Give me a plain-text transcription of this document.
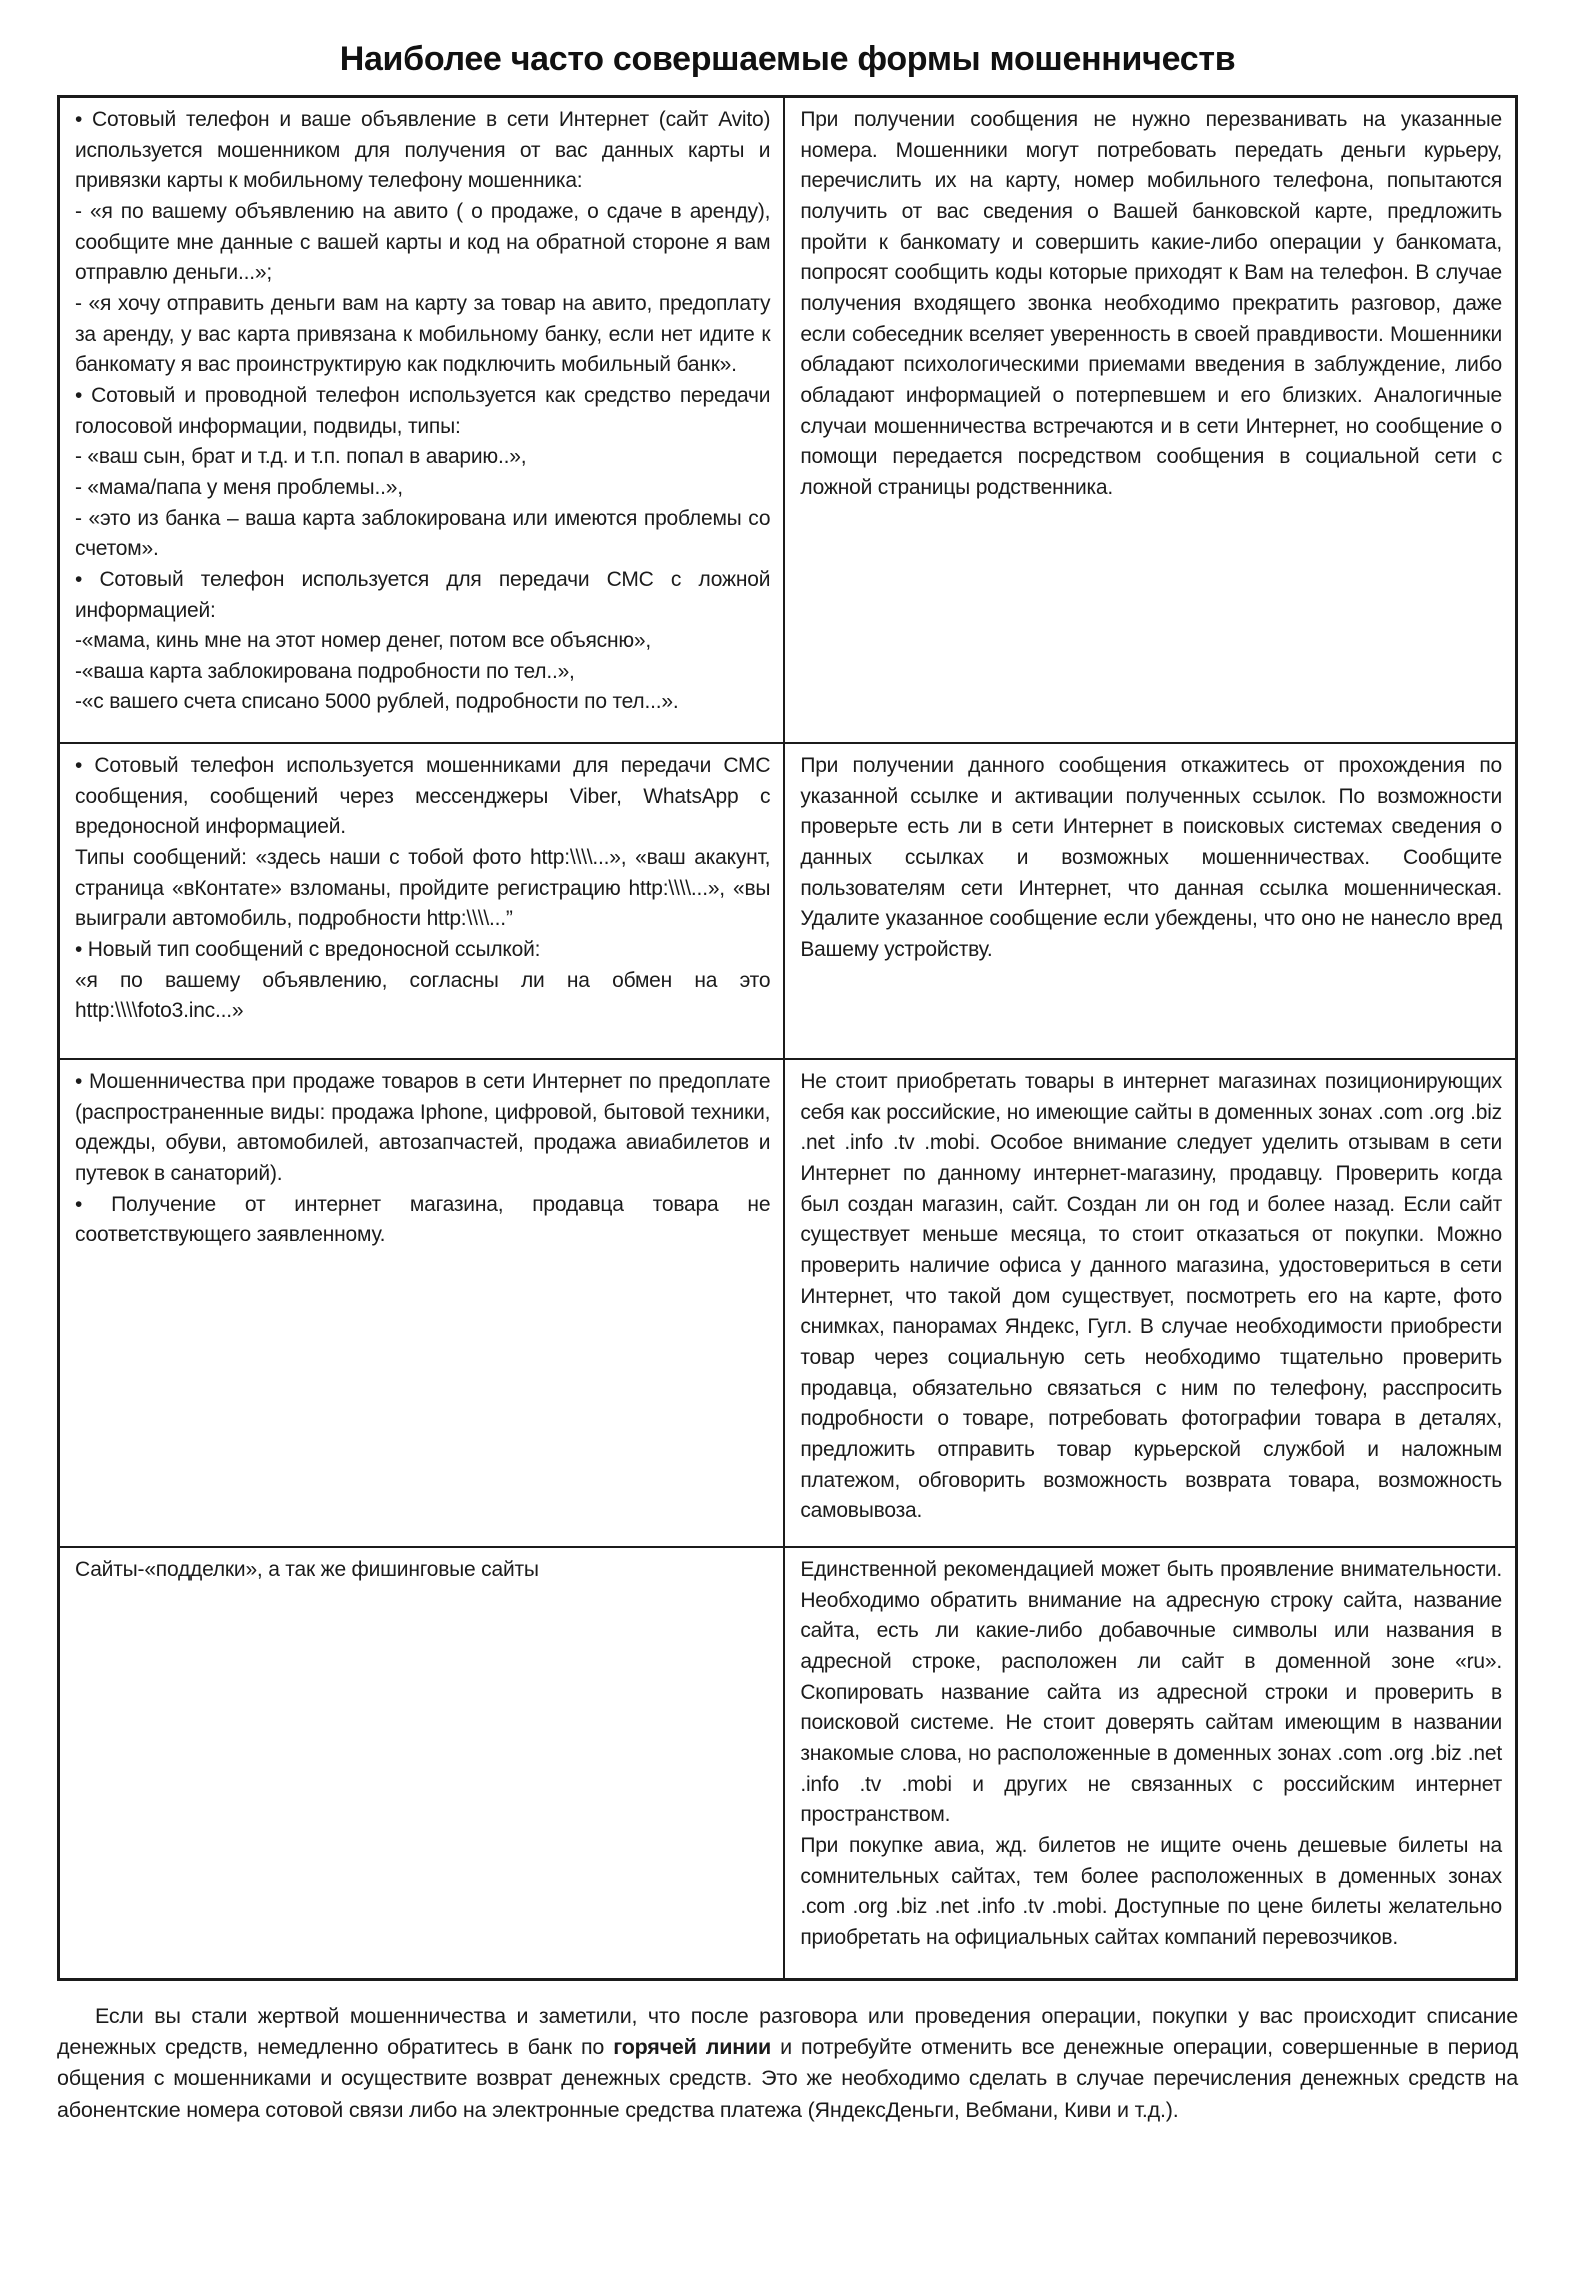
Наиболее часто совершаемые формы мошенничеств

• Сотовый телефон и ваше объявление в сети Интернет (сайт Avito) используется мошенником для получения от вас данных карты и привязки карты к мобильному телефону мошенника:

- «я по вашему объявлению на авито ( о продаже, о сдаче в аренду), сообщите мне данные с вашей карты и код на обратной стороне я вам отправлю деньги...»;

- «я хочу отправить деньги вам на карту за товар на авито, предоплату за аренду, у вас карта привязана к мобильному банку, если нет идите к банкомату я вас проинструктирую как подключить мобильный банк».

• Сотовый и проводной телефон используется как средство передачи голосовой информации, подвиды, типы:

- «ваш сын, брат и т.д. и т.п. попал в аварию..»,

- «мама/папа у меня проблемы..»,

- «это из банка – ваша карта заблокирована или имеются проблемы со счетом».

• Сотовый телефон используется для передачи СМС с ложной информацией:

-«мама, кинь мне на этот номер денег, потом все объясню»,

-«ваша карта заблокирована подробности по тел..»,

-«с вашего счета списано 5000 рублей, подробности по тел...».

При получении сообщения не нужно перезванивать на указанные номера. Мошенники могут потребовать передать деньги курьеру, перечислить их на карту, номер мобильного телефона, попытаются получить от вас сведения о Вашей банковской карте, предложить пройти к банкомату и совершить какие-либо операции у банкомата, попросят сообщить коды которые приходят к Вам на телефон. В случае получения входящего звонка необходимо прекратить разговор, даже если собеседник вселяет уверенность в своей правдивости. Мошенники обладают психологическими приемами введения в заблуждение, либо обладают информацией о потерпевшем и его близких. Аналогичные случаи мошенничества встречаются и в сети Интернет, но сообщение о помощи передается посредством сообщения в социальной сети с ложной страницы родственника.

• Сотовый телефон используется мошенниками для передачи СМС сообщения, сообщений через мессенджеры Viber, WhatsApp с вредоносной информацией.

Типы сообщений: «здесь наши с тобой фото http:\\\\...», «ваш акакунт, страница «вКонтате» взломаны, пройдите регистрацию http:\\\\...», «вы выиграли автомобиль, подробности http:\\\\...”

• Новый тип сообщений с вредоносной ссылкой:

«я по вашему объявлению, согласны ли на обмен на это http:\\\\foto3.inc...»

При получении данного сообщения откажитесь от прохождения по указанной ссылке и активации полученных ссылок. По возможности проверьте есть ли в сети Интернет в поисковых системах сведения о данных ссылках и возможных мошенничествах. Сообщите пользователям сети Интернет, что данная ссылка мошенническая. Удалите указанное сообщение если убеждены, что оно не нанесло вред Вашему устройству.

• Мошенничества при продаже товаров в сети Интернет по предоплате (распространенные виды: продажа Iphone, цифровой, бытовой техники, одежды, обуви, автомобилей, автозапчастей, продажа авиабилетов и путевок в санаторий).

• Получение от интернет магазина, продавца товара не соответствующего заявленному.

Не стоит приобретать товары в интернет магазинах позиционирующих себя как российские, но имеющие сайты в доменных зонах .com .org .biz .net .info .tv .mobi. Особое внимание следует уделить отзывам в сети Интернет по данному интернет-магазину, продавцу. Проверить когда был создан магазин, сайт. Создан ли он год и более назад. Если сайт существует меньше месяца, то стоит отказаться от покупки. Можно проверить наличие офиса у данного магазина, удостовериться в сети Интернет, что такой дом существует, посмотреть его на карте, фото снимках, панорамах Яндекс, Гугл. В случае необходимости приобрести товар через социальную сеть необходимо тщательно проверить продавца, обязательно связаться с ним по телефону, расспросить подробности о товаре, потребовать фотографии товара в деталях, предложить отправить товар курьерской службой и наложным платежом, обговорить возможность возврата товара, возможность самовывоза.

Сайты-«подделки», а так же фишинговые сайты	Единственной рекомендацией может быть проявление внимательности. Необходимо обратить внимание на адресную строку сайта, название сайта, есть ли какие-либо добавочные символы или названия в адресной строке, расположен ли сайт в доменной зоне «ru». Скопировать название сайта из адресной строки и проверить в поисковой системе. Не стоит доверять сайтам имеющим в названии знакомые слова, но расположенные в доменных зонах .com .org .biz .net .info .tv .mobi и других не связанных с российским интернет пространством.

При покупке авиа, жд. билетов не ищите очень дешевые билеты на сомнительных сайтах, тем более расположенных в доменных зонах .com .org .biz .net .info .tv .mobi. Доступные по цене билеты желательно приобретать на официальных сайтах компаний перевозчиков.

Если вы стали жертвой мошенничества и заметили, что после разговора или проведения операции, покупки у вас происходит списание денежных средств, немедленно обратитесь в банк по горячей линии и потребуйте отменить все денежные операции, совершенные в период общения с мошенниками и осуществите возврат денежных средств. Это же необходимо сделать в случае перечисления денежных средств на абонентские номера сотовой связи либо на электронные средства платежа (ЯндексДеньги, Вебмани, Киви и т.д.).
